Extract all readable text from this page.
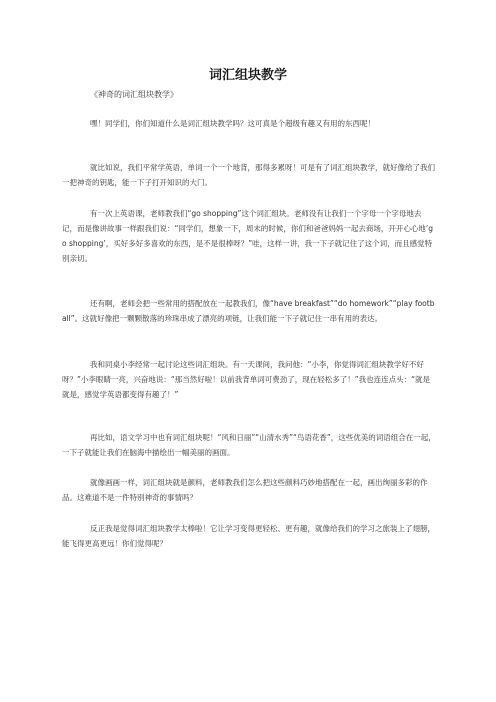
词汇组块教学

《神奇的词汇组块教学》

嘿！同学们，你们知道什么是词汇组块教学吗？这可真是个超级有趣又有用的东西呢！

就比如说，我们平常学英语，单词一个一个地背，那得多累呀！可是有了词汇组块教学，就好像给了我们一把神奇的钥匙，能一下子打开知识的大门。

有一次上英语课，老师教我们“go shopping”这个词汇组块。老师没有让我们一个字母一个字母地去记，而是像讲故事一样跟我们说：“同学们，想象一下，周末的时候，你们和爸爸妈妈一起去商场，开开心心地‘go shopping’，买好多好多喜欢的东西，是不是很棒呀？”哇，这样一讲，我一下子就记住了这个词，而且感觉特别亲切。

还有啊，老师会把一些常用的搭配放在一起教我们，像“have breakfast”“do homework”“play football”。这就好像把一颗颗散落的珍珠串成了漂亮的项链，让我们能一下子就记住一串有用的表达。

我和同桌小李经常一起讨论这些词汇组块。有一天课间，我问他：“小李，你觉得词汇组块教学好不好呀？”小李眼睛一亮，兴奋地说：“那当然好啦！以前我背单词可费劲了，现在轻松多了！”我也连连点头：“就是就是，感觉学英语都变得有趣了！”

再比如，语文学习中也有词汇组块呢！“风和日丽”“山清水秀”“鸟语花香”，这些优美的词语组合在一起，一下子就能让我们在脑海中描绘出一幅美丽的画面。

就像画画一样，词汇组块就是颜料，老师教我们怎么把这些颜料巧妙地搭配在一起，画出绚丽多彩的作品。这难道不是一件特别神奇的事情吗？

反正我是觉得词汇组块教学太棒啦！它让学习变得更轻松、更有趣，就像给我们的学习之旅装上了翅膀，能飞得更高更远！你们觉得呢？
